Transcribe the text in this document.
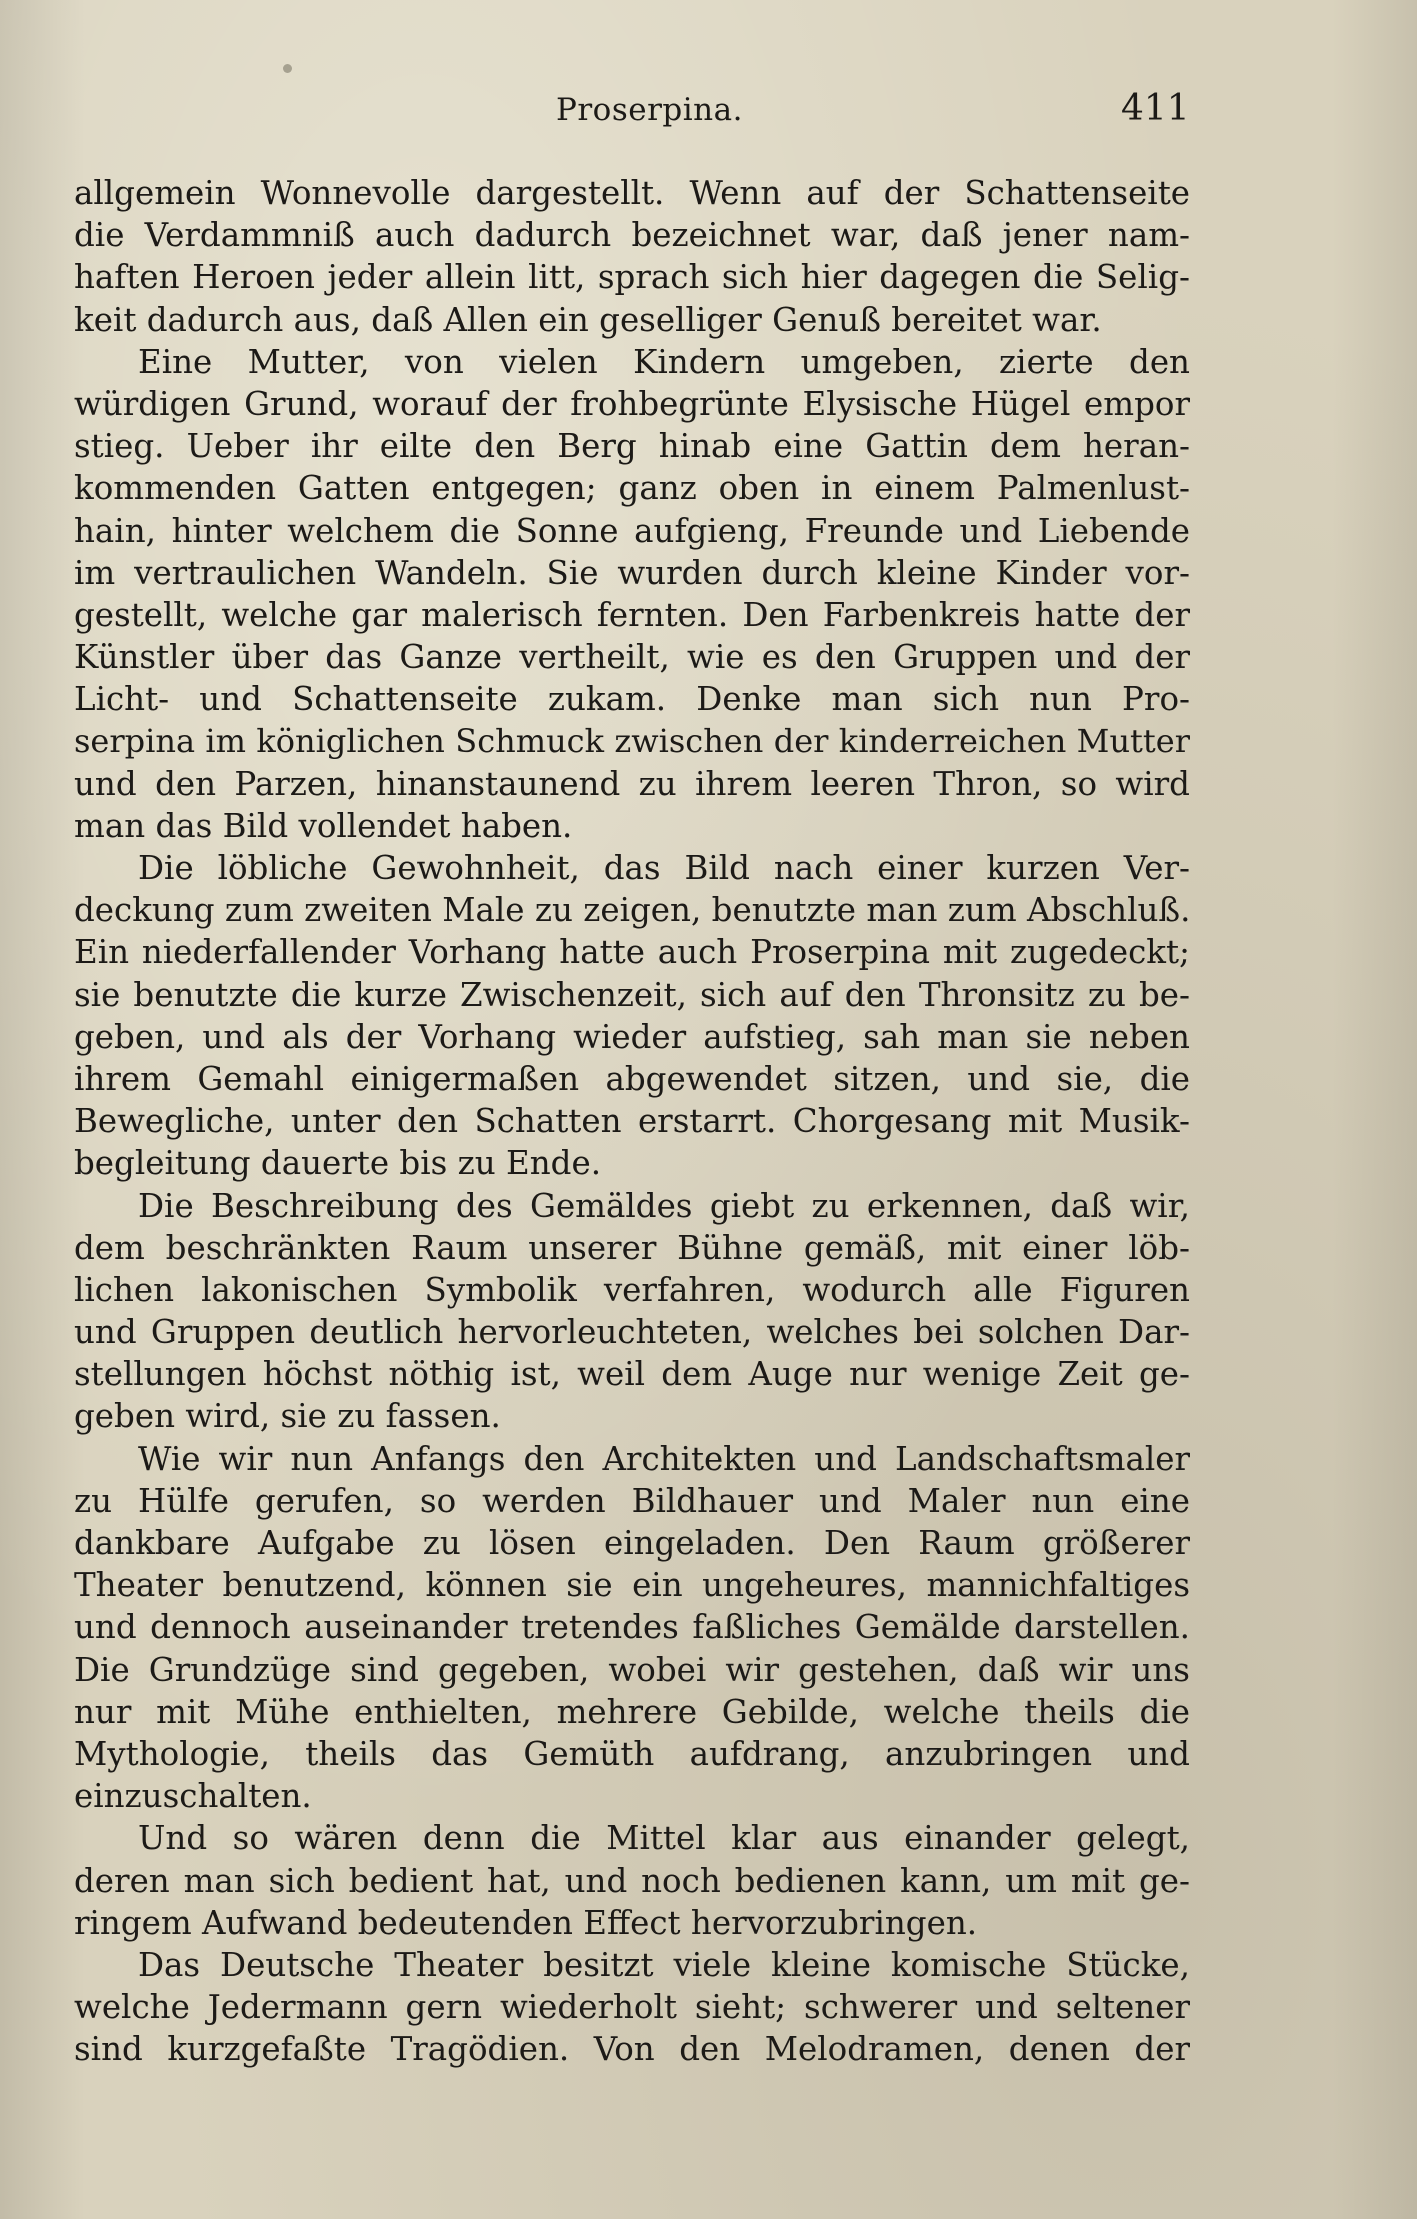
Proserpina.	411
allgemein Wonnevolle dargestellt. Wenn auf der Schattenseite
die Verdammniß auch dadurch bezeichnet war, daß jener nam-
haften Heroen jeder allein litt, sprach sich hier dagegen die Selig-
keit dadurch aus, daß Allen ein geselliger Genuß bereitet war.
Eine Mutter, von vielen Kindern umgeben, zierte den
würdigen Grund, worauf der frohbegrünte Elysische Hügel empor
stieg. Ueber ihr eilte den Berg hinab eine Gattin dem heran-
kommenden Gatten entgegen; ganz oben in einem Palmenlust-
hain, hinter welchem die Sonne aufgieng, Freunde und Liebende
im vertraulichen Wandeln. Sie wurden durch kleine Kinder vor-
gestellt, welche gar malerisch fernten. Den Farbenkreis hatte der
Künstler über das Ganze vertheilt, wie es den Gruppen und der
Licht- und Schattenseite zukam. Denke man sich nun Pro-
serpina im königlichen Schmuck zwischen der kinderreichen Mutter
und den Parzen, hinanstaunend zu ihrem leeren Thron, so wird
man das Bild vollendet haben.
Die löbliche Gewohnheit, das Bild nach einer kurzen Ver-
deckung zum zweiten Male zu zeigen, benutzte man zum Abschluß.
Ein niederfallender Vorhang hatte auch Proserpina mit zugedeckt;
sie benutzte die kurze Zwischenzeit, sich auf den Thronsitz zu be-
geben, und als der Vorhang wieder aufstieg, sah man sie neben
ihrem Gemahl einigermaßen abgewendet sitzen, und sie, die
Bewegliche, unter den Schatten erstarrt. Chorgesang mit Musik-
begleitung dauerte bis zu Ende.
Die Beschreibung des Gemäldes giebt zu erkennen, daß wir,
dem beschränkten Raum unserer Bühne gemäß, mit einer löb-
lichen lakonischen Symbolik verfahren, wodurch alle Figuren
und Gruppen deutlich hervorleuchteten, welches bei solchen Dar-
stellungen höchst nöthig ist, weil dem Auge nur wenige Zeit ge-
geben wird, sie zu fassen.
Wie wir nun Anfangs den Architekten und Landschaftsmaler
zu Hülfe gerufen, so werden Bildhauer und Maler nun eine
dankbare Aufgabe zu lösen eingeladen. Den Raum größerer
Theater benutzend, können sie ein ungeheures, mannichfaltiges
und dennoch auseinander tretendes faßliches Gemälde darstellen.
Die Grundzüge sind gegeben, wobei wir gestehen, daß wir uns
nur mit Mühe enthielten, mehrere Gebilde, welche theils die
Mythologie, theils das Gemüth aufdrang, anzubringen und
einzuschalten.
Und so wären denn die Mittel klar aus einander gelegt,
deren man sich bedient hat, und noch bedienen kann, um mit ge-
ringem Aufwand bedeutenden Effect hervorzubringen.
Das Deutsche Theater besitzt viele kleine komische Stücke,
welche Jedermann gern wiederholt sieht; schwerer und seltener
sind kurzgefaßte Tragödien. Von den Melodramen, denen der
